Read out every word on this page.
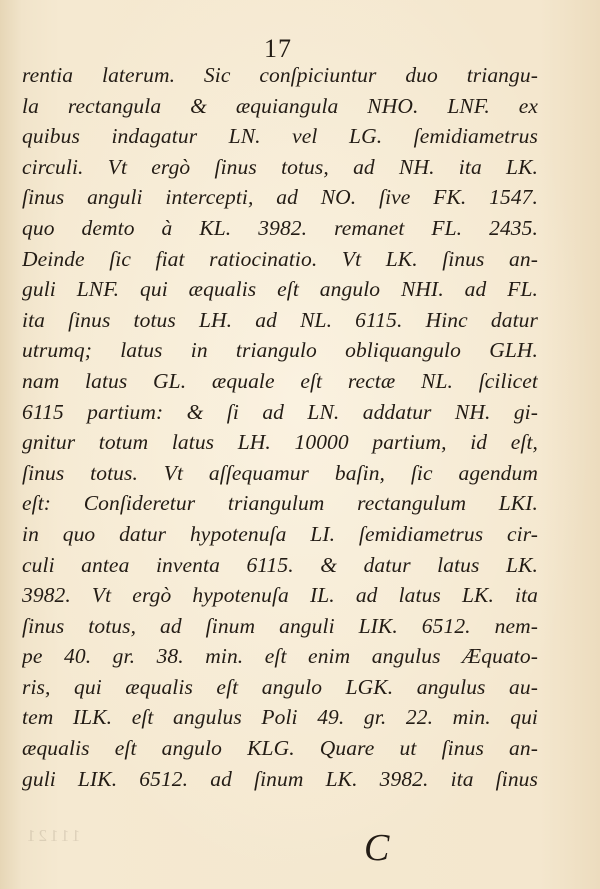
17
rentia laterum. Sic conſpiciuntur duo triangu-
la rectangula & æquiangula NHO. LNF. ex
quibus indagatur LN. vel LG. ſemidiametrus
circuli. Vt ergò ſinus totus, ad NH. ita LK.
ſinus anguli intercepti, ad NO. ſive FK. 1547.
quo demto à KL. 3982. remanet FL. 2435.
Deinde ſic fiat ratiocinatio. Vt LK. ſinus an-
guli LNF. qui æqualis eſt angulo NHI. ad FL.
ita ſinus totus LH. ad NL. 6115. Hinc datur
utrumq; latus in triangulo obliquangulo GLH.
nam latus GL. æquale eſt rectæ NL. ſcilicet
6115 partium: & ſi ad LN. addatur NH. gi-
gnitur totum latus LH. 10000 partium, id eſt,
ſinus totus. Vt aſſequamur baſin, ſic agendum
eſt: Conſideretur triangulum rectangulum LKI.
in quo datur hypotenuſa LI. ſemidiametrus cir-
culi antea inventa 6115. & datur latus LK.
3982. Vt ergò hypotenuſa IL. ad latus LK. ita
ſinus totus, ad ſinum anguli LIK. 6512. nem-
pe 40. gr. 38. min. eſt enim angulus Æquato-
ris, qui æqualis eſt angulo LGK. angulus au-
tem ILK. eſt angulus Poli 49. gr. 22. min. qui
æqualis eſt angulo KLG. Quare ut ſinus an-
guli LIK. 6512. ad ſinum LK. 3982. ita ſinus
11121	C
